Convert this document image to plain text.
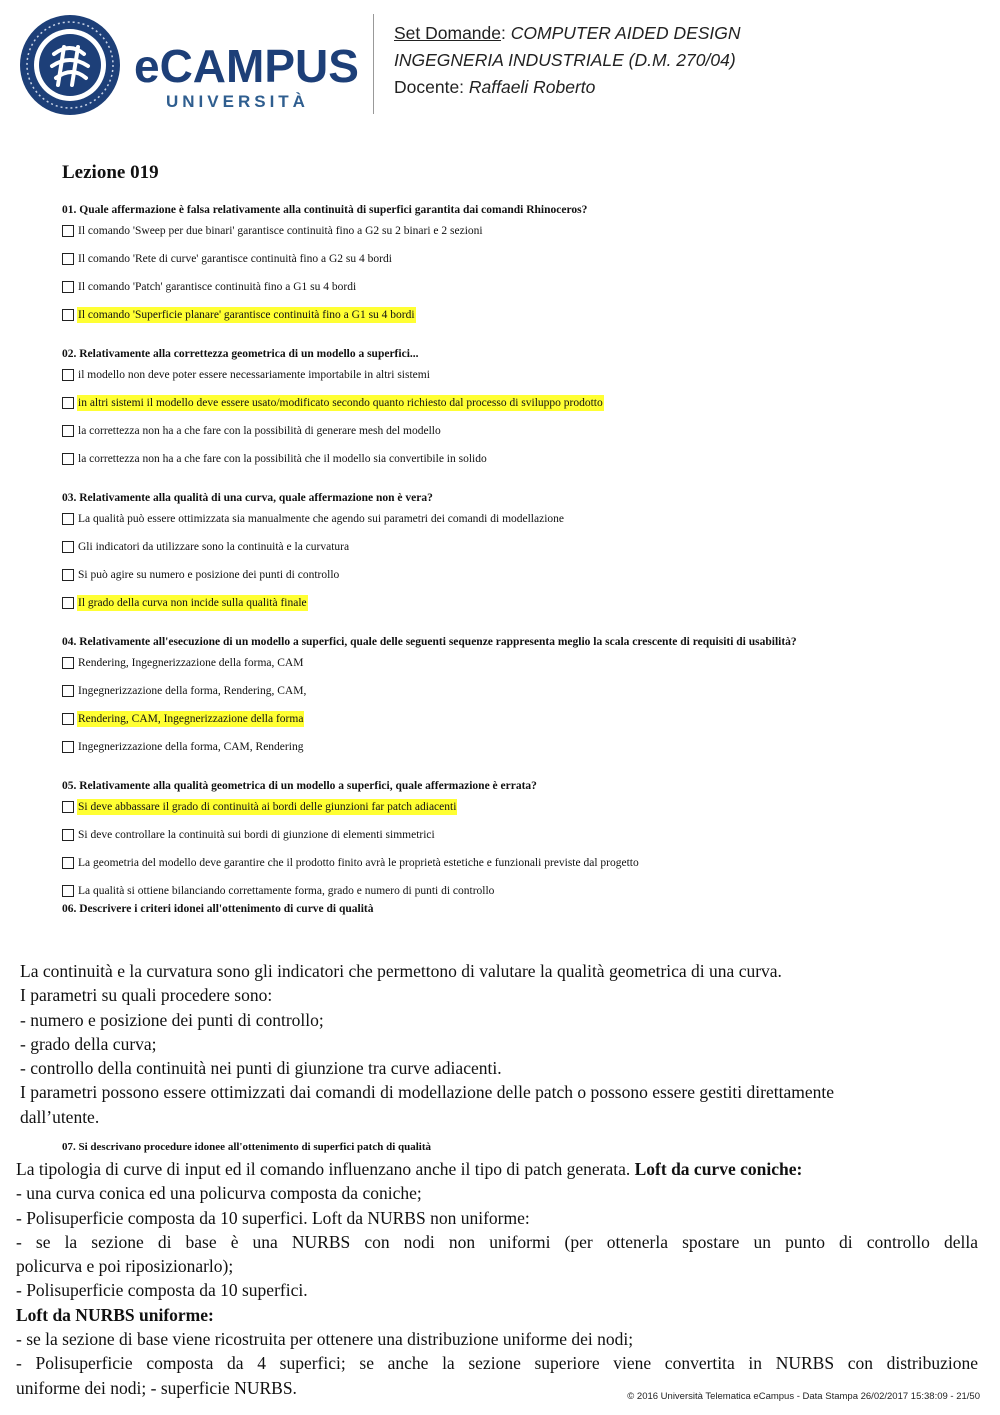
eCAMPUS
UNIVERSITÀ
Set Domande: COMPUTER AIDED DESIGN
INGEGNERIA INDUSTRIALE (D.M. 270/04)
Docente: Raffaeli Roberto
Lezione 019
01. Quale affermazione è falsa relativamente alla continuità di superfici garantita dai comandi Rhinoceros?
Il comando 'Sweep per due binari' garantisce continuità fino a G2 su 2 binari e 2 sezioni
Il comando 'Rete di curve' garantisce continuità fino a G2 su 4 bordi
Il comando 'Patch' garantisce continuità fino a G1 su 4 bordi
Il comando 'Superficie planare' garantisce continuità fino a G1 su 4 bordi
02. Relativamente alla correttezza geometrica di un modello a superfici...
il modello non deve poter essere necessariamente importabile in altri sistemi
in altri sistemi il modello deve essere usato/modificato secondo quanto richiesto dal processo di sviluppo prodotto
la correttezza non ha a che fare con la possibilità di generare mesh del modello
la correttezza non ha a che fare con la possibilità che il modello sia convertibile in solido
03. Relativamente alla qualità di una curva, quale affermazione non è vera?
La qualità può essere ottimizzata sia manualmente che agendo sui parametri dei comandi di modellazione
Gli indicatori da utilizzare sono la continuità e la curvatura
Si può agire su numero e posizione dei punti di controllo
Il grado della curva non incide sulla qualità finale
04. Relativamente all'esecuzione di un modello a superfici, quale delle seguenti sequenze rappresenta meglio la scala crescente di requisiti di usabilità?
Rendering, Ingegnerizzazione della forma, CAM
Ingegnerizzazione della forma, Rendering, CAM,
Rendering, CAM, Ingegnerizzazione della forma
Ingegnerizzazione della forma, CAM, Rendering
05. Relativamente alla qualità geometrica di un modello a superfici, quale affermazione è errata?
Si deve abbassare il grado di continuità ai bordi delle giunzioni far patch adiacenti
Si deve controllare la continuità sui bordi di giunzione di elementi simmetrici
La geometria del modello deve garantire che il prodotto finito avrà le proprietà estetiche e funzionali previste dal progetto
La qualità si ottiene bilanciando correttamente forma, grado e numero di punti di controllo
06. Descrivere i criteri idonei all'ottenimento di curve di qualità

La continuità e la curvatura sono gli indicatori che permettono di valutare la qualità geometrica di una curva.

I parametri su quali procedere sono:

- numero e posizione dei punti di controllo;

- grado della curva;

- controllo della continuità nei punti di giunzione tra curve adiacenti.

I parametri possono essere ottimizzati dai comandi di modellazione delle patch o possono essere gestiti direttamente

dall’utente.

07. Si descrivano procedure idonee all'ottenimento di superfici patch di qualità

La tipologia di curve di input ed il comando influenzano anche il tipo di patch generata. Loft da curve coniche:

- una curva conica ed una policurva composta da coniche;

- Polisuperficie composta da 10 superfici. Loft da NURBS non uniforme:

- se la sezione di base è una NURBS con nodi non uniformi (per ottenerla spostare un punto di controllo della

policurva e poi riposizionarlo);

- Polisuperficie composta da 10 superfici.

Loft da NURBS uniforme:

- se la sezione di base viene ricostruita per ottenere una distribuzione uniforme dei nodi;

- Polisuperficie composta da 4 superfici; se anche la sezione superiore viene convertita in NURBS con distribuzione

uniforme dei nodi; - superficie NURBS.	© 2016 Università Telematica eCampus - Data Stampa 26/02/2017 15:38:09 - 21/50
